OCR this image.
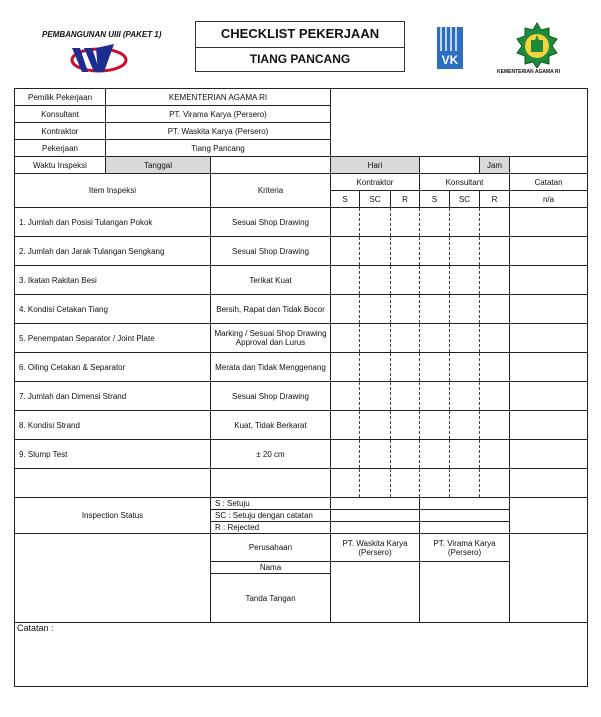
PEMBANGUNAN UIII (PAKET 1)	CHECKLIST PEKERJAAN
TIANG PANCANG	VK
KEMENTERIAN AGAMA RI
Pemilik Pekerjaan	KEMENTERIAN AGAMA RI								
Konsultant	PT. Virama Karya (Persero)								
Kontraktor	PT. Waskita Karya (Persero)								
Pekerjaan	Tiang Pancang								
Waktu Inspeksi	Tanggal		Hari					Jam	
Item Inspeksi		Kriteria	Kontraktor			Konsultant			Catatan
			S	SC	R	S	SC	R	n/a
1. Jumlah dan Posisi Tulangan Pokok		Sesuai Shop Drawing							
2. Jumlah dan Jarak Tulangan Sengkang		Sesuai Shop Drawing							
3. Ikatan Rakitan Besi		Terikat Kuat							
4. Kondisi Cetakan Tiang		Bersih, Rapat dan Tidak Bocor							
5. Penempatan Separator / Joint Plate		Marking / Sesuai Shop Drawing Approval dan Lurus							
6. Oiling Cetakan & Separator		Merata dan Tidak Menggenang							
7. Jumlah dan Dimensi Strand		Sesuai Shop Drawing							
8. Kondisi Strand		Kuat, Tidak Berkarat							
9. Slump Test		± 20 cm							

Inspection Status		S : Setuju							
		SC : Setuju dengan catatan							
		R : Rejected							
		Perusahaan	PT. Waskita Karya (Persero)			PT. Virama Karya (Persero)			
		Nama							
		Tanda Tangan							
Catatan :									
